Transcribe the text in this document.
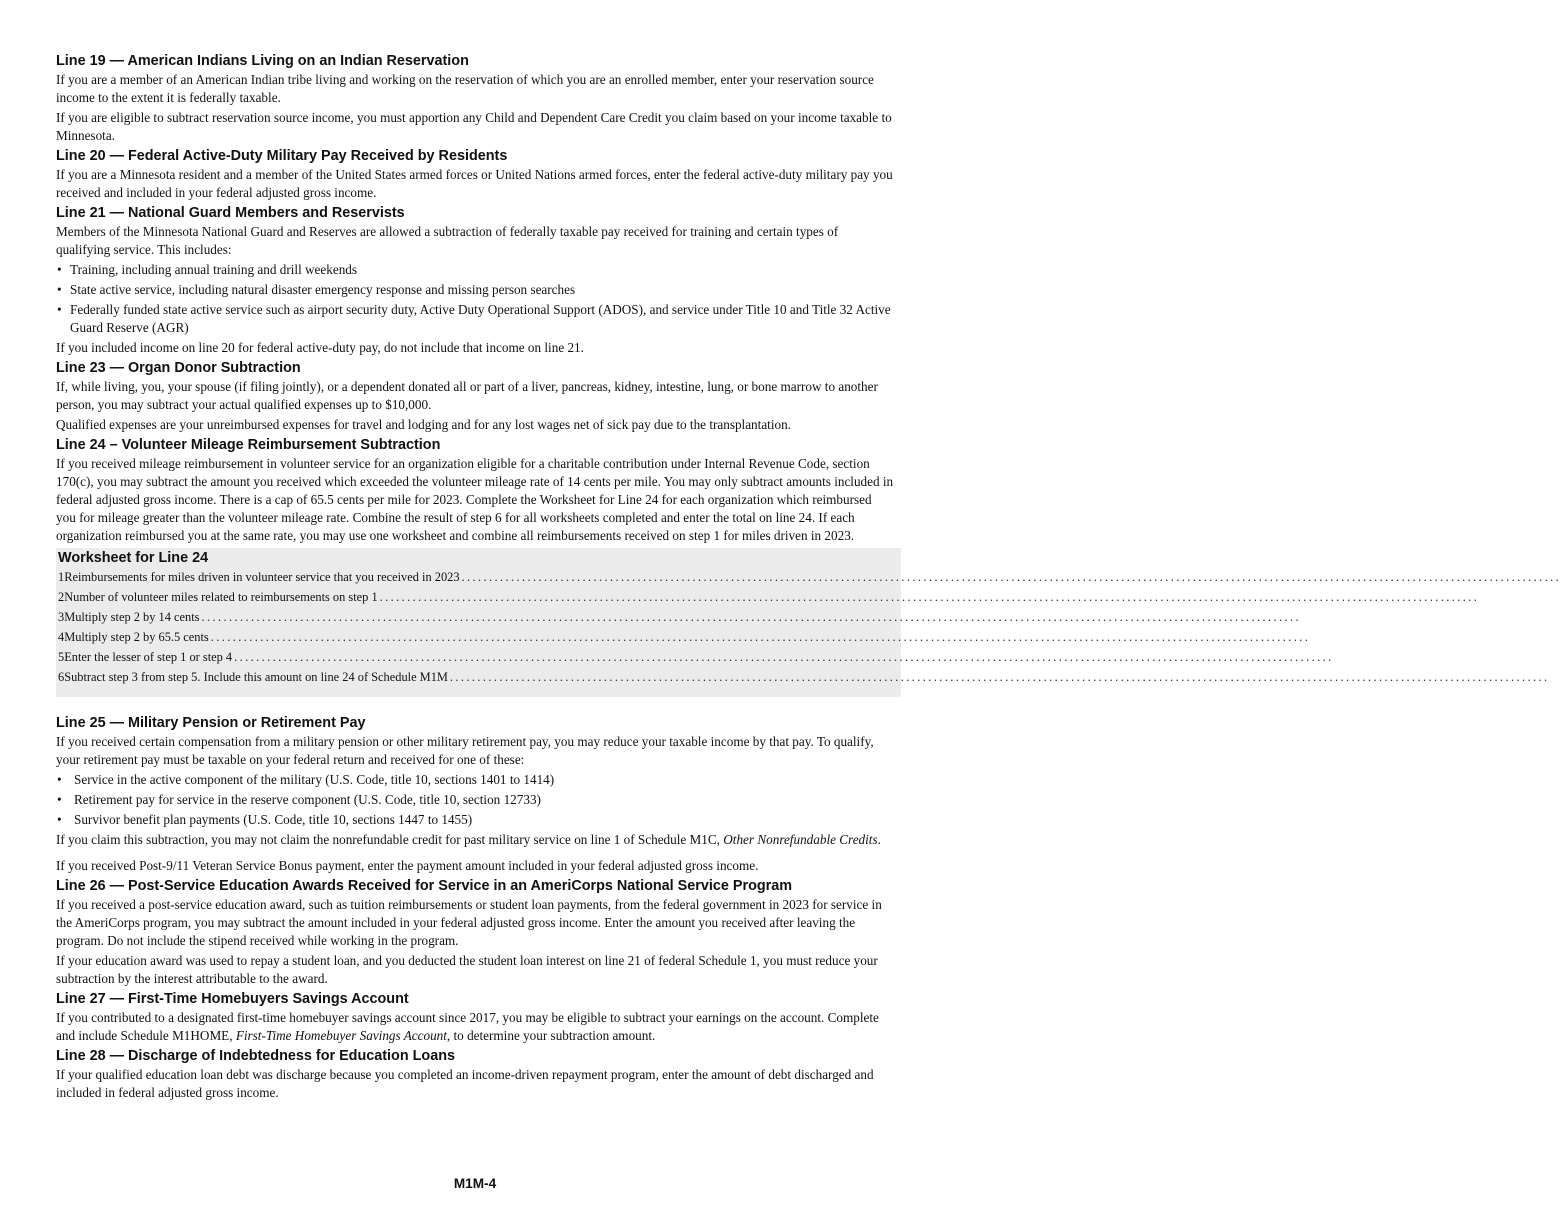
Line 19 — American Indians Living on an Indian Reservation

If you are a member of an American Indian tribe living and working on the reservation of which you are an enrolled member, enter your reservation source income to the extent it is federally taxable.

If you are eligible to subtract reservation source income, you must apportion any Child and Dependent Care Credit you claim based on your income taxable to Minnesota.

Line 20 — Federal Active-Duty Military Pay Received by Residents

If you are a Minnesota resident and a member of the United States armed forces or United Nations armed forces, enter the federal active-duty military pay you received and included in your federal adjusted gross income.

Line 21 — National Guard Members and Reservists

Members of the Minnesota National Guard and Reserves are allowed a subtraction of federally taxable pay received for training and certain types of qualifying service. This includes:

• Training, including annual training and drill weekends
• State active service, including natural disaster emergency response and missing person searches
• Federally funded state active service such as airport security duty, Active Duty Operational Support (ADOS), and service under Title 10 and Title 32 Active Guard Reserve (AGR)

If you included income on line 20 for federal active-duty pay, do not include that income on line 21.

Line 23 — Organ Donor Subtraction

If, while living, you, your spouse (if filing jointly), or a dependent donated all or part of a liver, pancreas, kidney, intestine, lung, or bone marrow to another person, you may subtract your actual qualified expenses up to $10,000.

Qualified expenses are your unreimbursed expenses for travel and lodging and for any lost wages net of sick pay due to the transplantation.

Line 24 – Volunteer Mileage Reimbursement Subtraction

If you received mileage reimbursement in volunteer service for an organization eligible for a charitable contribution under Internal Revenue Code, section 170(c), you may subtract the amount you received which exceeded the volunteer mileage rate of 14 cents per mile. You may only subtract amounts included in federal adjusted gross income. There is a cap of 65.5 cents per mile for 2023. Complete the Worksheet for Line 24 for each organization which reimbursed you for mileage greater than the volunteer mileage rate. Combine the result of step 6 for all worksheets completed and enter the total on line 24. If each organization reimbursed you at the same rate, you may use one worksheet and combine all reimbursements received on step 1 for miles driven in 2023.

Worksheet for Line 24
1 Reimbursements for miles driven in volunteer service that you received in 2023 ........................................................................................................................................................................................................
2 Number of volunteer miles related to reimbursements on step 1 ........................................................................................................................................................................................................
3 Multiply step 2 by 14 cents ........................................................................................................................................................................................................
4 Multiply step 2 by 65.5 cents ........................................................................................................................................................................................................
5 Enter the lesser of step 1 or step 4 ........................................................................................................................................................................................................
6 Subtract step 3 from step 5. Include this amount on line 24 of Schedule M1M ........................................................................................................................................................................................................
Line 25 — Military Pension or Retirement Pay

If you received certain compensation from a military pension or other military retirement pay, you may reduce your taxable income by that pay. To qualify, your retirement pay must be taxable on your federal return and received for one of these:

• Service in the active component of the military (U.S. Code, title 10, sections 1401 to 1414)
• Retirement pay for service in the reserve component (U.S. Code, title 10, section 12733)
• Survivor benefit plan payments (U.S. Code, title 10, sections 1447 to 1455)

If you claim this subtraction, you may not claim the nonrefundable credit for past military service on line 1 of Schedule M1C, Other Nonrefundable Credits.

If you received Post-9/11 Veteran Service Bonus payment, enter the payment amount included in your federal adjusted gross income.

Line 26 — Post-Service Education Awards Received for Service in an AmeriCorps National Service Program

If you received a post-service education award, such as tuition reimbursements or student loan payments, from the federal government in 2023 for service in the AmeriCorps program, you may subtract the amount included in your federal adjusted gross income. Enter the amount you received after leaving the program. Do not include the stipend received while working in the program.

If your education award was used to repay a student loan, and you deducted the student loan interest on line 21 of federal Schedule 1, you must reduce your subtraction by the interest attributable to the award.

Line 27 — First-Time Homebuyers Savings Account

If you contributed to a designated first-time homebuyer savings account since 2017, you may be eligible to subtract your earnings on the account. Complete and include Schedule M1HOME, First-Time Homebuyer Savings Account, to determine your subtraction amount.

Line 28 — Discharge of Indebtedness for Education Loans

If your qualified education loan debt was discharge because you completed an income-driven repayment program, enter the amount of debt discharged and included in federal adjusted gross income.

M1M-4
